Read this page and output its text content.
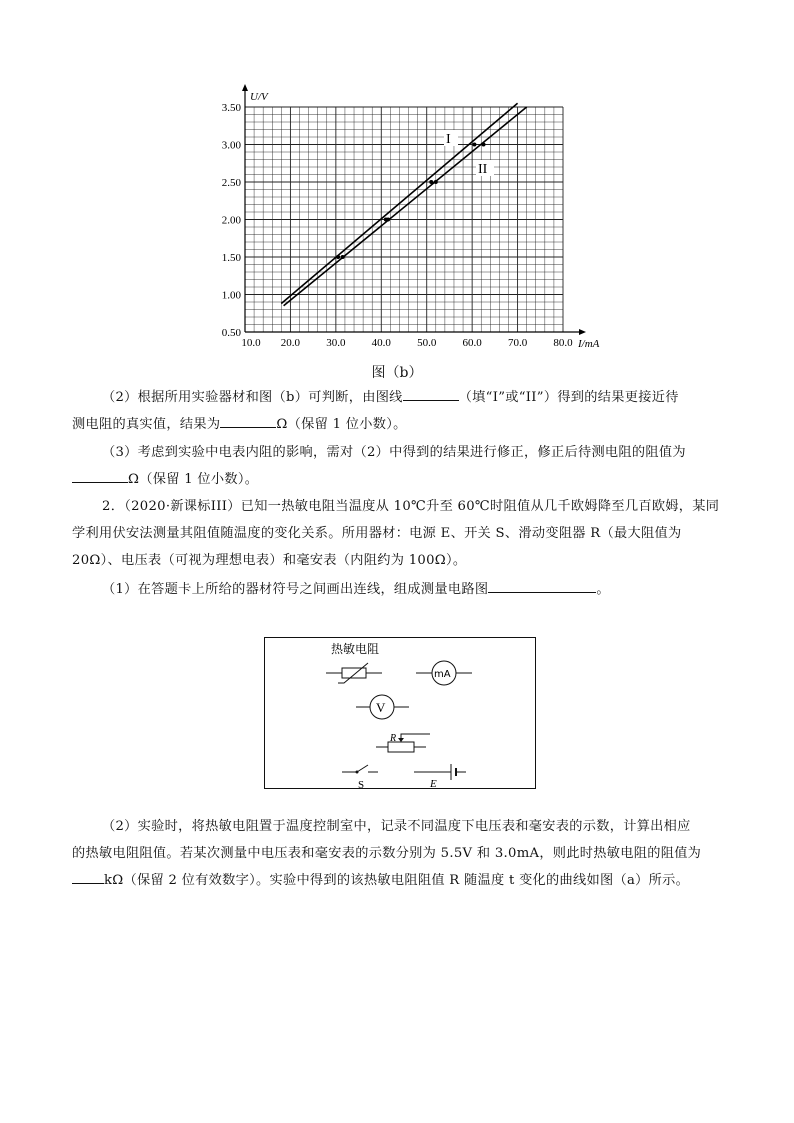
3.50
3.00
2.50
2.00
1.50
1.00
0.50
10.0 20.0 30.0 40.0 50.0 60.0 70.0 80.0
U/V
I/mA
I
II
图（b）
（2）根据所用实验器材和图（b）可判断，由图线	（填“I”或“II”）得到的结果更接近待
测电阻的真实值，结果为	Ω（保留 1 位小数）。
（3）考虑到实验中电表内阻的影响，需对（2）中得到的结果进行修正，修正后待测电阻的阻值为
Ω（保留 1 位小数）。
2．（2020·新课标III）已知一热敏电阻当温度从 10℃升至 60℃时阻值从几千欧姆降至几百欧姆，某同
学利用伏安法测量其阻值随温度的变化关系。所用器材：电源 E、开关 S、滑动变阻器 R（最大阻值为
20Ω）、电压表（可视为理想电表）和毫安表（内阻约为 100Ω）。
（1）在答题卡上所给的器材符号之间画出连线，组成测量电路图	。
热敏电阻
mA
V
R
S	E
（2）实验时，将热敏电阻置于温度控制室中，记录不同温度下电压表和毫安表的示数，计算出相应
的热敏电阻阻值。若某次测量中电压表和毫安表的示数分别为 5.5V 和 3.0mA，则此时热敏电阻的阻值为
kΩ（保留 2 位有效数字）。实验中得到的该热敏电阻阻值 R 随温度 t 变化的曲线如图（a）所示。
